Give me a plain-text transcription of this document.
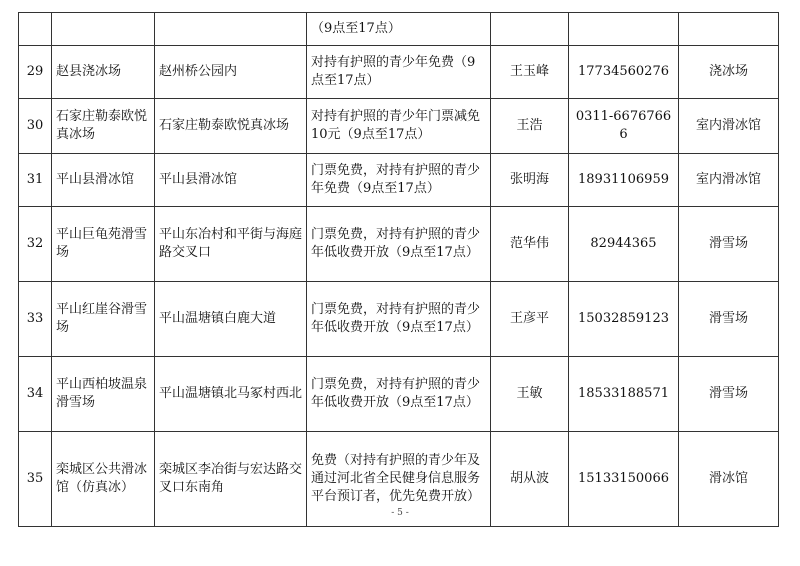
			（9点至17点）			
29	赵县浇冰场	赵州桥公园内	对持有护照的青少年免费（9点至17点）	王玉峰	17734560276	浇冰场
30	石家庄勒泰欧悦真冰场	石家庄勒泰欧悦真冰场	对持有护照的青少年门票减免10元（9点至17点）	王浩	0311-66767666	室内滑冰馆
31	平山县滑冰馆	平山县滑冰馆	门票免费，对持有护照的青少年免费（9点至17点）	张明海	18931106959	室内滑冰馆
32	平山巨龟苑滑雪场	平山东冶村和平街与海庭路交叉口	门票免费，对持有护照的青少年低收费开放（9点至17点）	范华伟	82944365	滑雪场
33	平山红崖谷滑雪场	平山温塘镇白鹿大道	门票免费，对持有护照的青少年低收费开放（9点至17点）	王彦平	15032859123	滑雪场
34	平山西柏坡温泉滑雪场	平山温塘镇北马冢村西北	门票免费，对持有护照的青少年低收费开放（9点至17点）	王敏	18533188571	滑雪场
35	栾城区公共滑冰馆（仿真冰）	栾城区李冶街与宏达路交叉口东南角	免费（对持有护照的青少年及通过河北省全民健身信息服务平台预订者，优先免费开放）	胡从波	15133150066	滑冰馆
- 5 -
